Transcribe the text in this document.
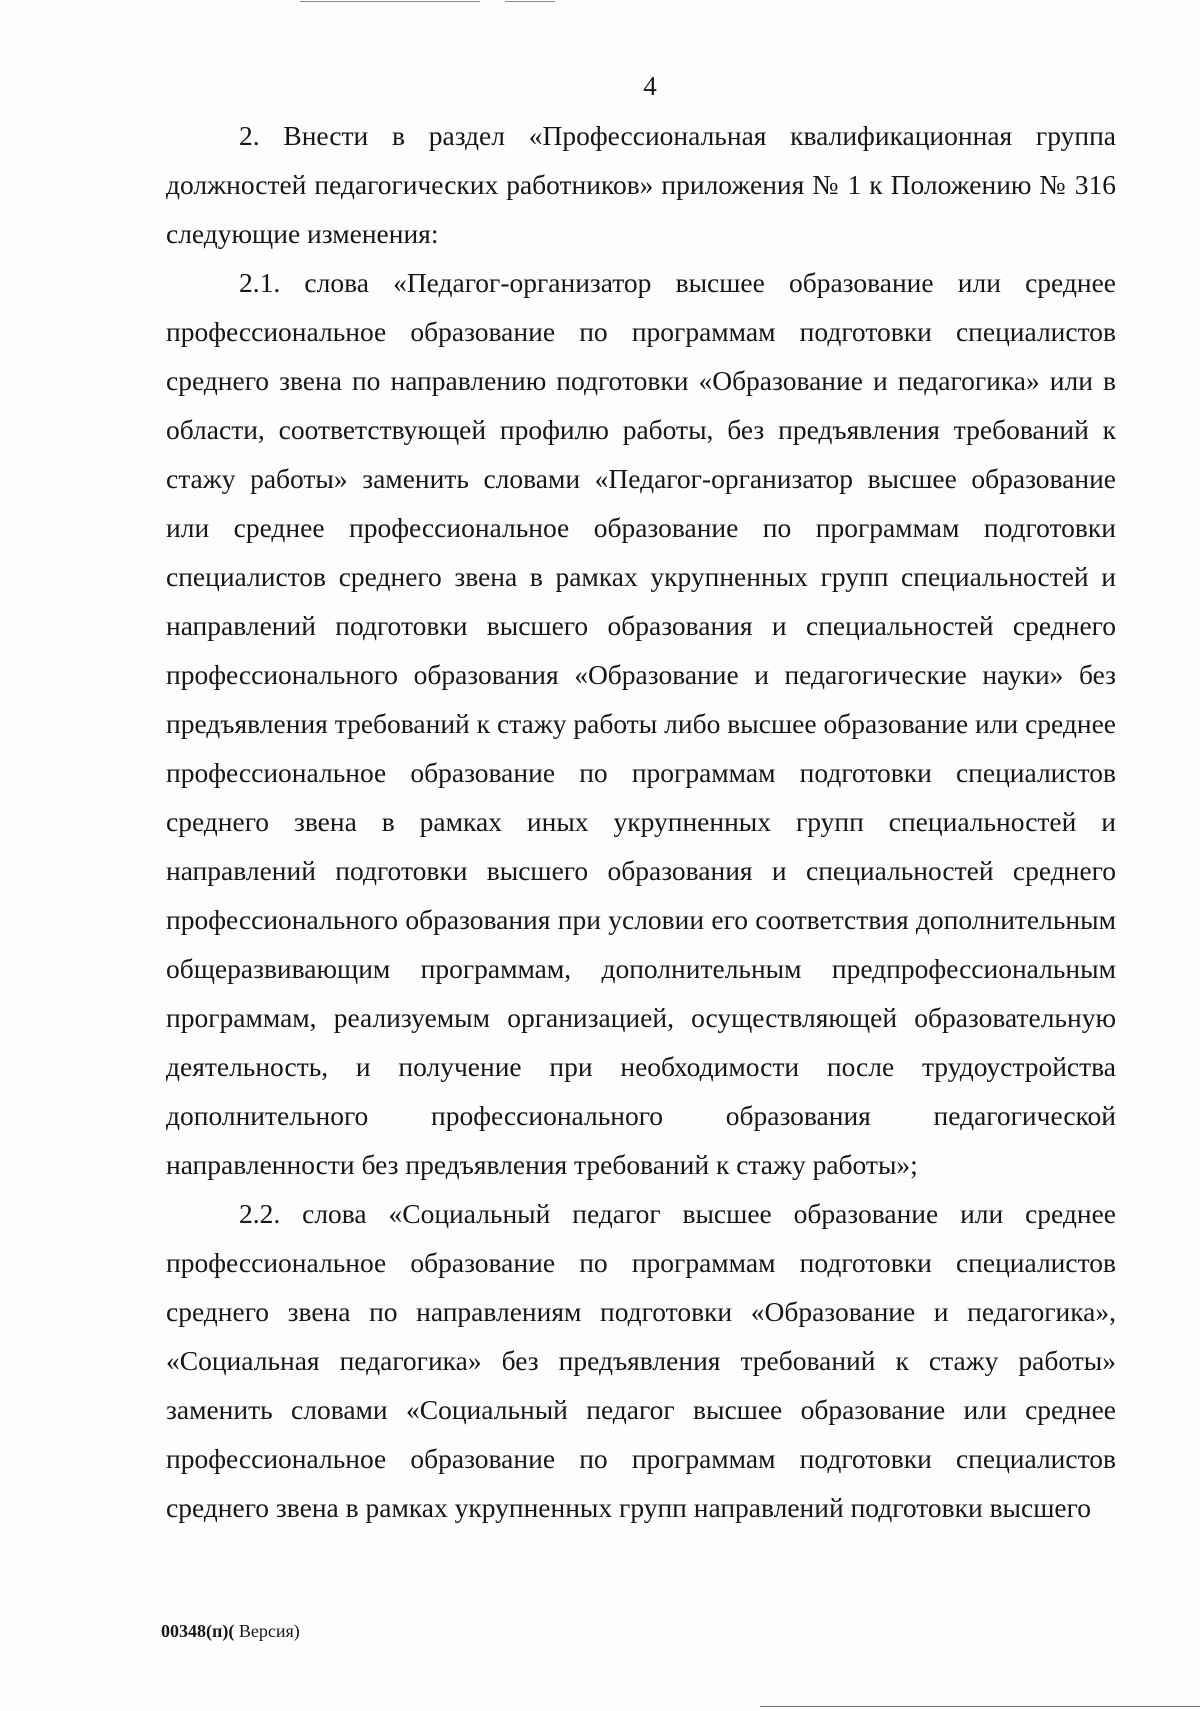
4

2. Внести в раздел «Профессиональная квалификационная группа должностей педагогических работников» приложения № 1 к Положению № 316 следующие изменения:

2.1. слова «Педагог-организатор высшее образование или среднее профессиональное образование по программам подготовки специалистов среднего звена по направлению подготовки «Образование и педагогика» или в области, соответствующей профилю работы, без предъявления требований к стажу работы» заменить словами «Педагог-организатор высшее образование или среднее профессиональное образование по программам подготовки специалистов среднего звена в рамках укрупненных групп специальностей и направлений подготовки высшего образования и специальностей среднего профессионального образования «Образование и педагогические науки» без предъявления требований к стажу работы либо высшее образование или среднее профессиональное образование по программам подготовки специалистов среднего звена в рамках иных укрупненных групп специальностей и направлений подготовки высшего образования и специальностей среднего профессионального образования при условии его соответствия дополнительным общеразвивающим программам, дополнительным предпрофессиональным программам, реализуемым организацией, осуществляющей образовательную деятельность, и получение при необходимости после трудоустройства дополнительного профессионального образования педагогической направленности без предъявления требований к стажу работы»;

2.2. слова «Социальный педагог высшее образование или среднее профессиональное образование по программам подготовки специалистов среднего звена по направлениям подготовки «Образование и педагогика», «Социальная педагогика» без предъявления требований к стажу работы» заменить словами «Социальный педагог высшее образование или среднее профессиональное образование по программам подготовки специалистов среднего звена в рамках укрупненных групп направлений подготовки высшего

00348(п)( Версия)
